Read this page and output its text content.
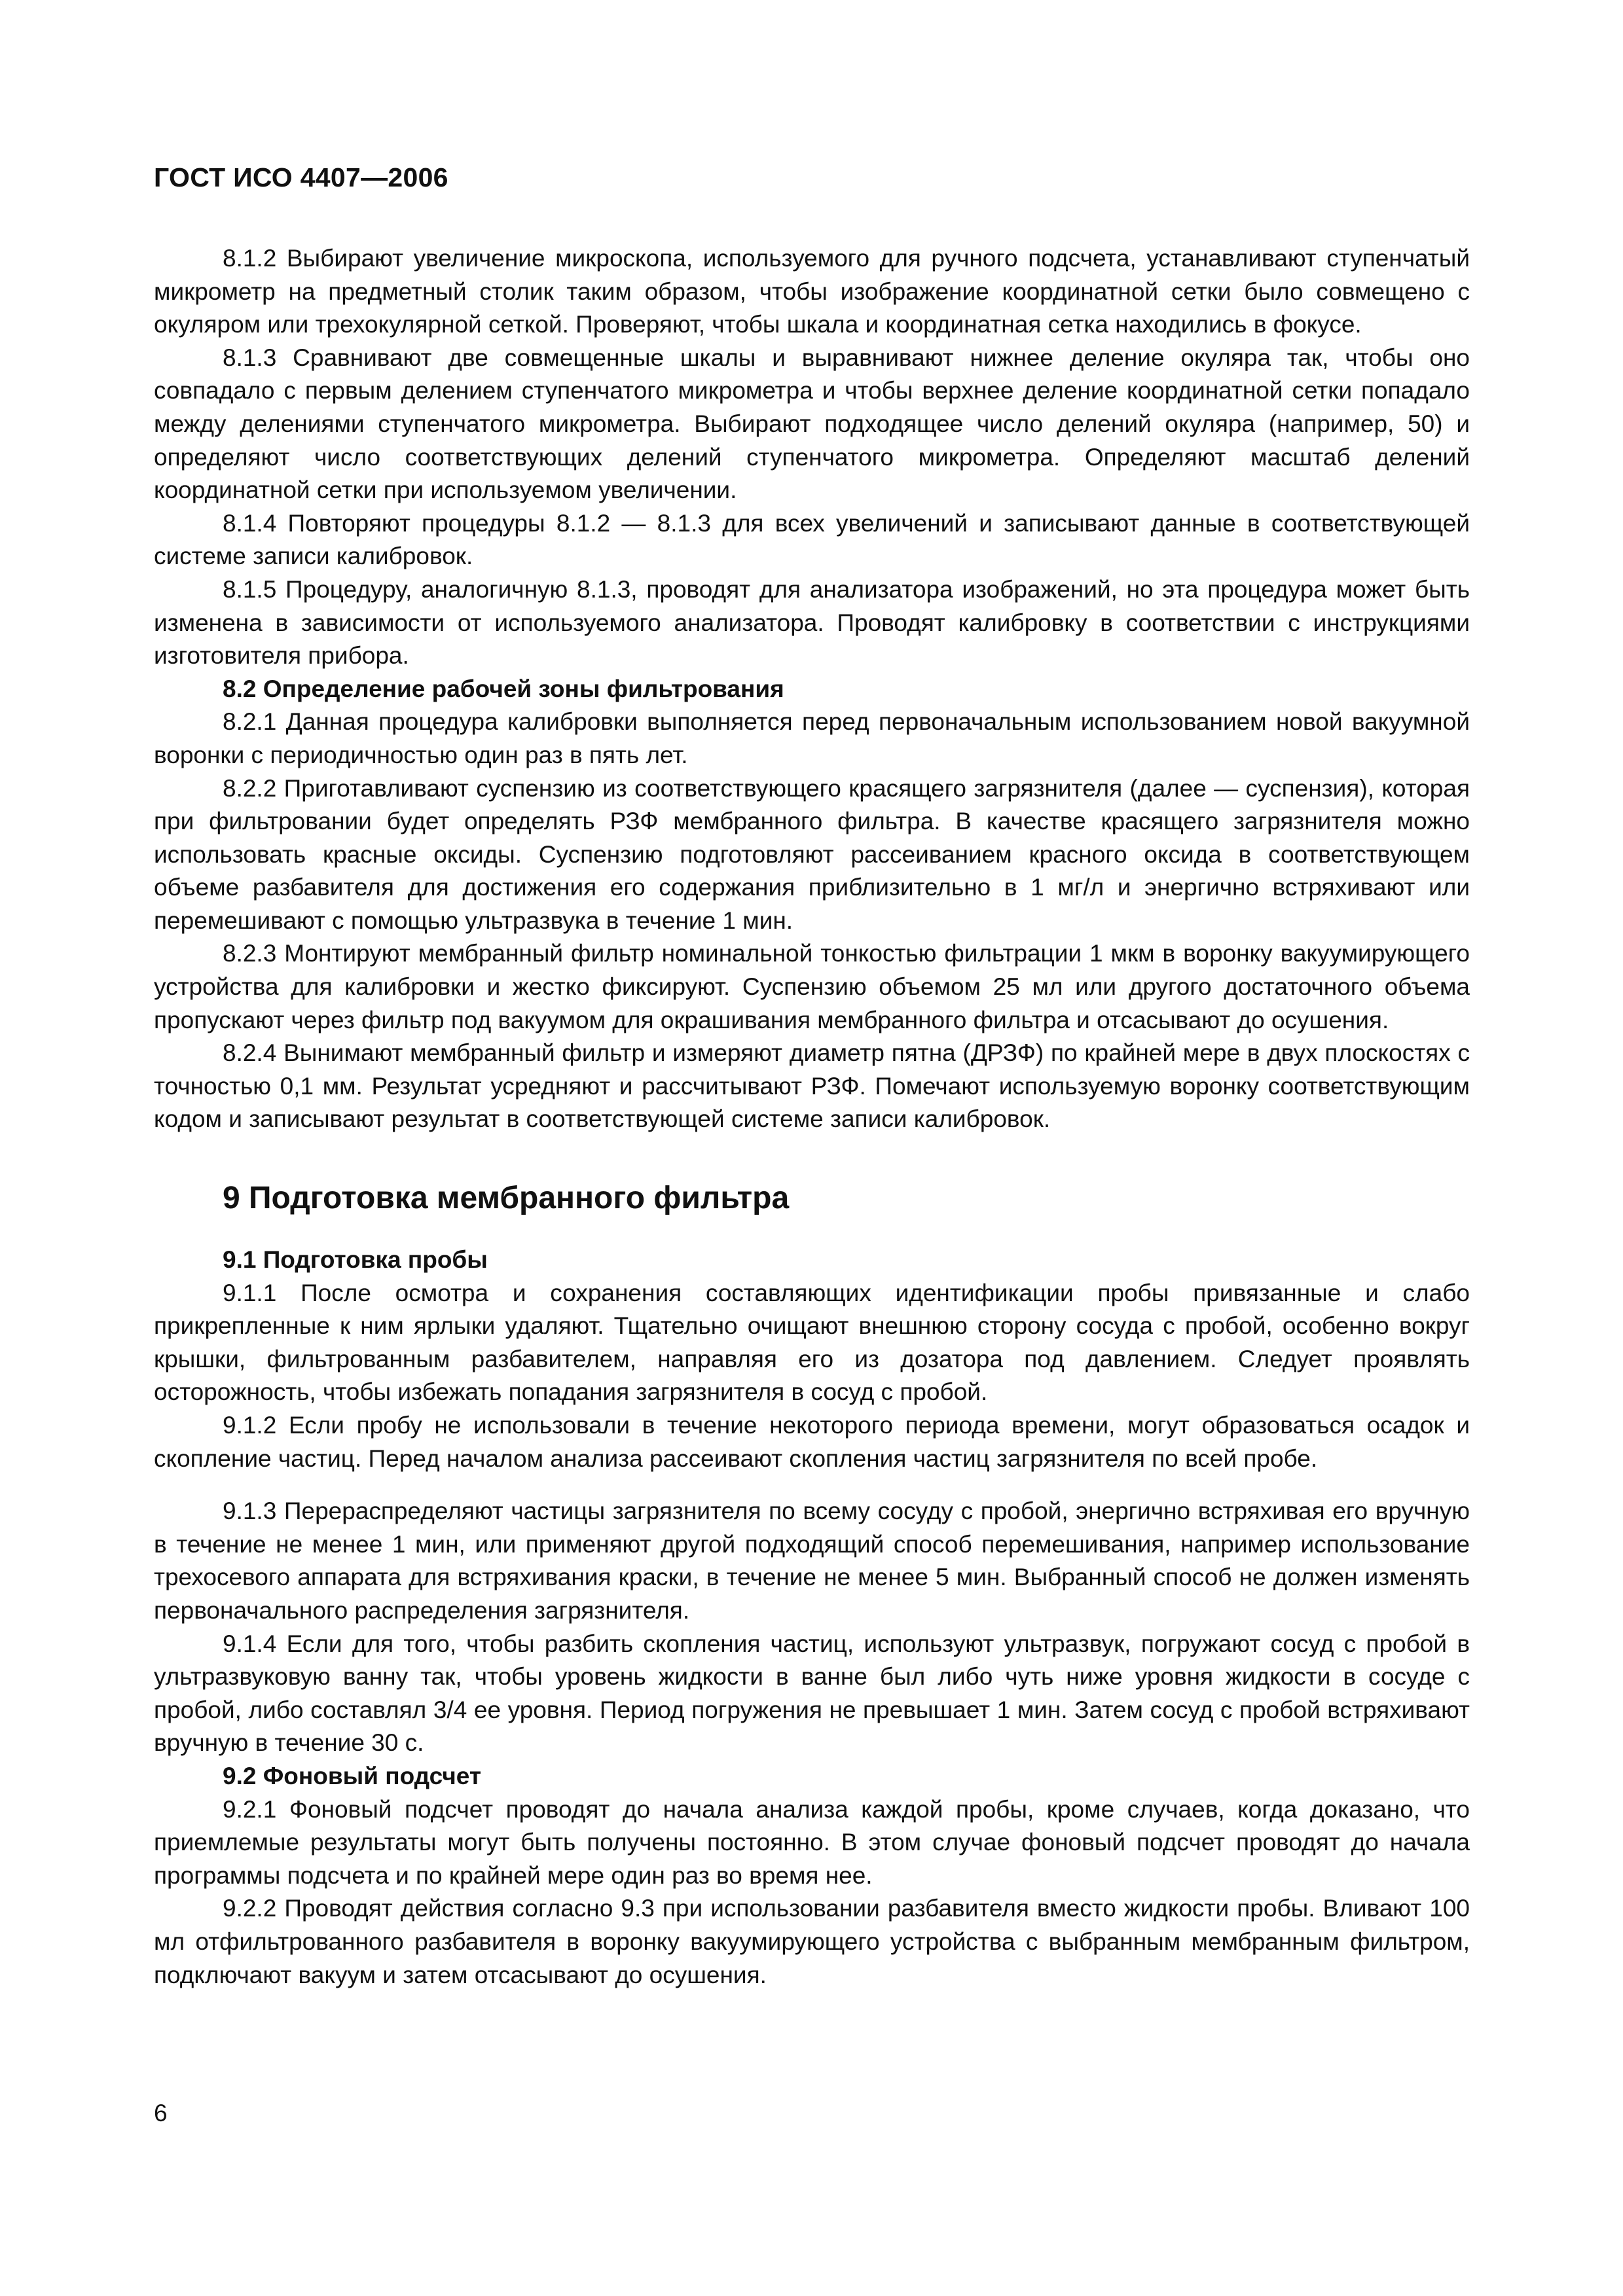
ГОСТ ИСО 4407—2006

8.1.2 Выбирают увеличение микроскопа, используемого для ручного подсчета, устанавливают ступенчатый микрометр на предметный столик таким образом, чтобы изображение координатной сетки было совмещено с окуляром или трехокулярной сеткой. Проверяют, чтобы шкала и координатная сетка находились в фокусе.

8.1.3 Сравнивают две совмещенные шкалы и выравнивают нижнее деление окуляра так, чтобы оно совпадало с первым делением ступенчатого микрометра и чтобы верхнее деление координатной сетки попадало между делениями ступенчатого микрометра. Выбирают подходящее число делений окуляра (например, 50) и определяют число соответствующих делений ступенчатого микрометра. Определяют масштаб делений координатной сетки при используемом увеличении.

8.1.4 Повторяют процедуры 8.1.2 — 8.1.3 для всех увеличений и записывают данные в соответствующей системе записи калибровок.

8.1.5 Процедуру, аналогичную 8.1.3, проводят для анализатора изображений, но эта процедура может быть изменена в зависимости от используемого анализатора. Проводят калибровку в соответствии с инструкциями изготовителя прибора.

8.2 Определение рабочей зоны фильтрования

8.2.1 Данная процедура калибровки выполняется перед первоначальным использованием новой вакуумной воронки с периодичностью один раз в пять лет.

8.2.2 Приготавливают суспензию из соответствующего красящего загрязнителя (далее — суспензия), которая при фильтровании будет определять РЗФ мембранного фильтра. В качестве красящего загрязнителя можно использовать красные оксиды. Суспензию подготовляют рассеиванием красного оксида в соответствующем объеме разбавителя для достижения его содержания приблизительно в 1 мг/л и энергично встряхивают или перемешивают с помощью ультразвука в течение 1 мин.

8.2.3 Монтируют мембранный фильтр номинальной тонкостью фильтрации 1 мкм в воронку вакуумирующего устройства для калибровки и жестко фиксируют. Суспензию объемом 25 мл или другого достаточного объема пропускают через фильтр под вакуумом для окрашивания мембранного фильтра и отсасывают до осушения.

8.2.4 Вынимают мембранный фильтр и измеряют диаметр пятна (ДРЗФ) по крайней мере в двух плоскостях с точностью 0,1 мм. Результат усредняют и рассчитывают РЗФ. Помечают используемую воронку соответствующим кодом и записывают результат в соответствующей системе записи калибровок.

9 Подготовка мембранного фильтра

9.1 Подготовка пробы

9.1.1 После осмотра и сохранения составляющих идентификации пробы привязанные и слабо прикрепленные к ним ярлыки удаляют. Тщательно очищают внешнюю сторону сосуда с пробой, особенно вокруг крышки, фильтрованным разбавителем, направляя его из дозатора под давлением. Следует проявлять осторожность, чтобы избежать попадания загрязнителя в сосуд с пробой.

9.1.2 Если пробу не использовали в течение некоторого периода времени, могут образоваться осадок и скопление частиц. Перед началом анализа рассеивают скопления частиц загрязнителя по всей пробе.

9.1.3 Перераспределяют частицы загрязнителя по всему сосуду с пробой, энергично встряхивая его вручную в течение не менее 1 мин, или применяют другой подходящий способ перемешивания, например использование трехосевого аппарата для встряхивания краски, в течение не менее 5 мин. Выбранный способ не должен изменять первоначального распределения загрязнителя.

9.1.4 Если для того, чтобы разбить скопления частиц, используют ультразвук, погружают сосуд с пробой в ультразвуковую ванну так, чтобы уровень жидкости в ванне был либо чуть ниже уровня жидкости в сосуде с пробой, либо составлял 3/4 ее уровня. Период погружения не превышает 1 мин. Затем сосуд с пробой встряхивают вручную в течение 30 с.

9.2 Фоновый подсчет

9.2.1 Фоновый подсчет проводят до начала анализа каждой пробы, кроме случаев, когда доказано, что приемлемые результаты могут быть получены постоянно. В этом случае фоновый подсчет проводят до начала программы подсчета и по крайней мере один раз во время нее.

9.2.2 Проводят действия согласно 9.3 при использовании разбавителя вместо жидкости пробы. Вливают 100 мл отфильтрованного разбавителя в воронку вакуумирующего устройства с выбранным мембранным фильтром, подключают вакуум и затем отсасывают до осушения.

6
